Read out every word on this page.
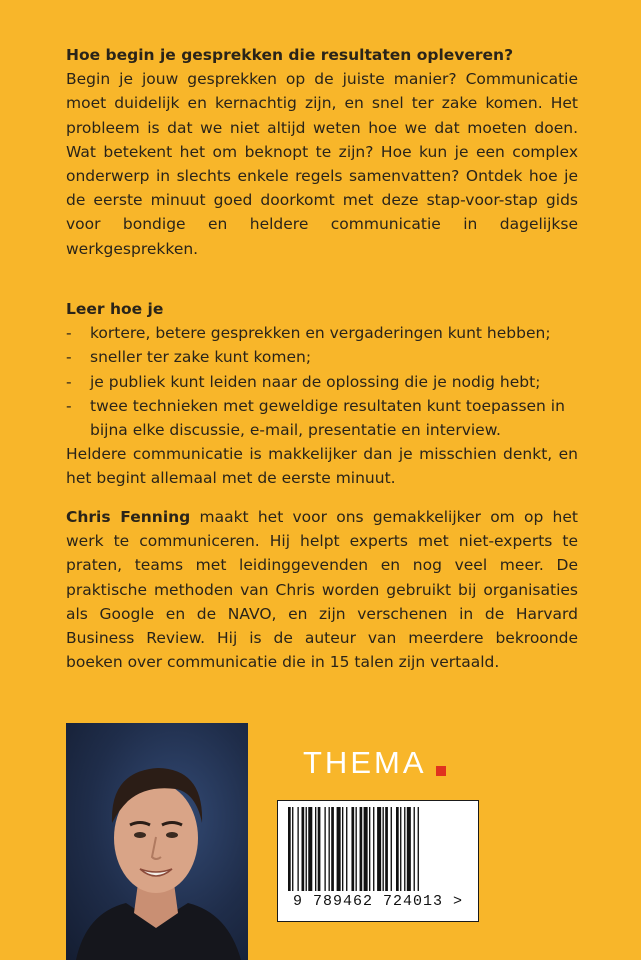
Hoe begin je gesprekken die resultaten opleveren?

Begin je jouw gesprekken op de juiste manier? Communicatie moet duidelijk en kernachtig zijn, en snel ter zake komen. Het probleem is dat we niet altijd weten hoe we dat moeten doen. Wat betekent het om beknopt te zijn? Hoe kun je een complex onderwerp in slechts enkele regels samenvatten? Ontdek hoe je de eerste minuut goed doorkomt met deze stap-voor-stap gids voor bondige en heldere communicatie in dagelijkse werkgesprekken.

Leer hoe je

- kortere, betere gesprekken en vergaderingen kunt hebben;
- sneller ter zake kunt komen;
- je publiek kunt leiden naar de oplossing die je nodig hebt;
- twee technieken met geweldige resultaten kunt toepassen in bijna elke discussie, e-mail, presentatie en interview.

Heldere communicatie is makkelijker dan je misschien denkt, en het begint allemaal met de eerste minuut.

Chris Fenning maakt het voor ons gemakkelijker om op het werk te communiceren. Hij helpt experts met niet-experts te praten, teams met leidinggevenden en nog veel meer. De praktische methoden van Chris worden gebruikt bij organisaties als Google en de NAVO, en zijn verschenen in de Harvard Business Review. Hij is de auteur van meerdere bekroonde boeken over communicatie die in 15 talen zijn vertaald.

THEMA
9 789462 724013 >
